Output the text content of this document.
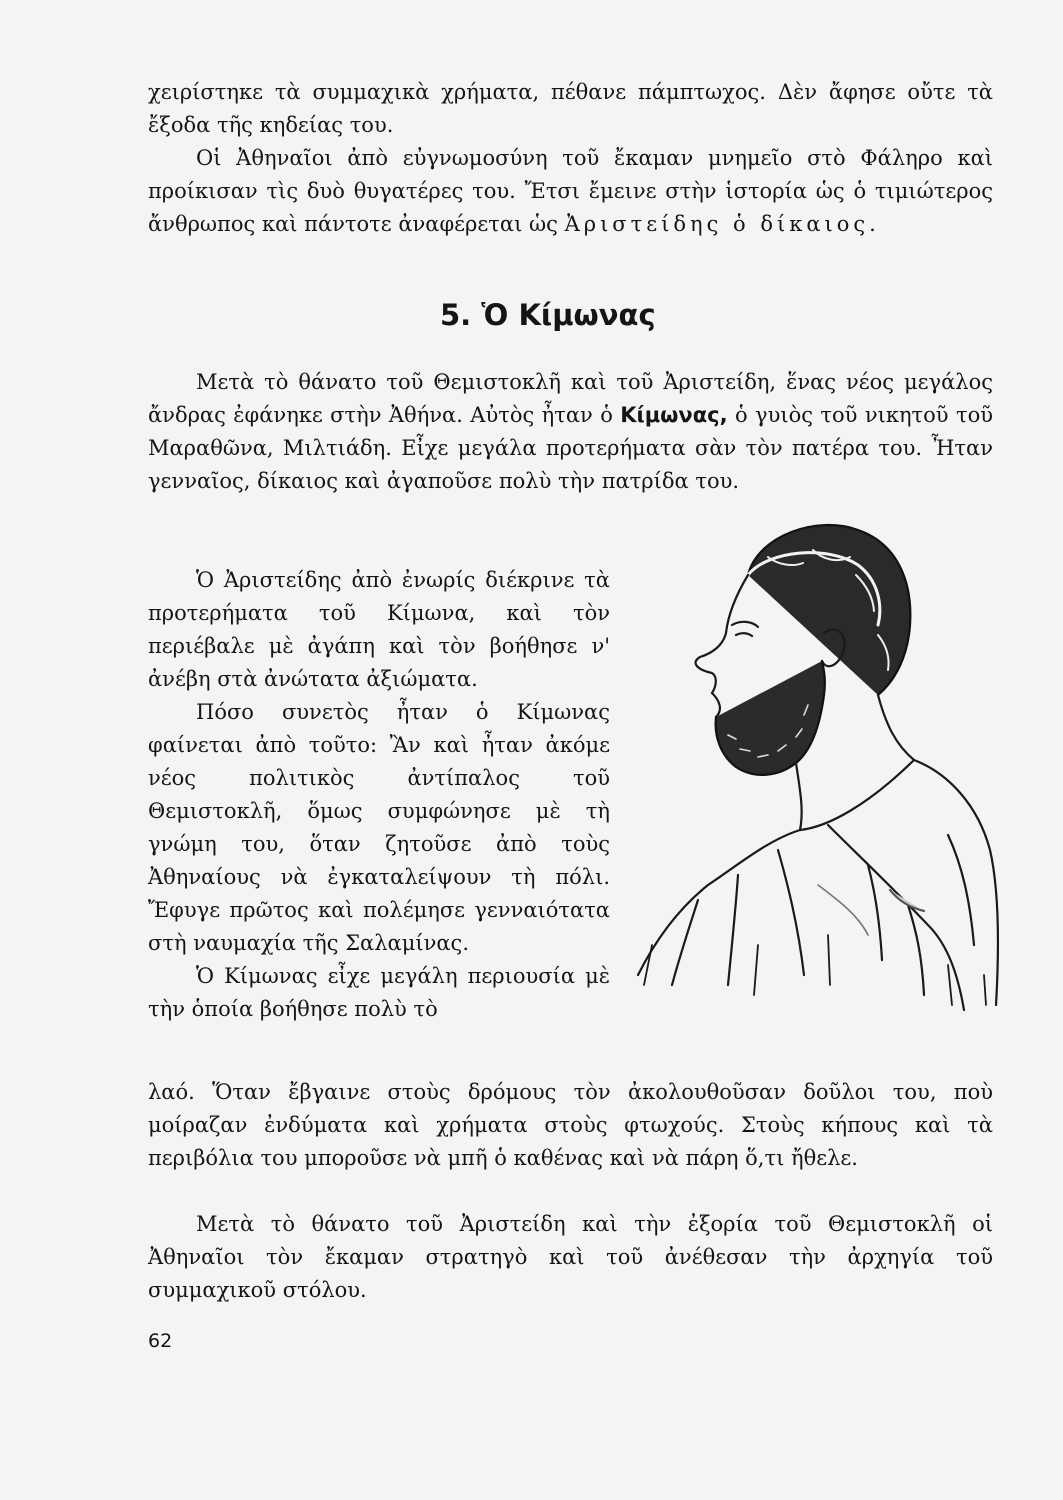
χειρίστηκε τὰ συμμαχικὰ χρήματα, πέθανε πάμπτωχος. Δὲν ἄφησε οὔτε τὰ ἔξοδα τῆς κηδείας του.

Οἱ Ἀθηναῖοι ἀπὸ εὐγνωμοσύνη τοῦ ἔκαμαν μνημεῖο στὸ Φάληρο καὶ προίκισαν τὶς δυὸ θυγατέρες του. Ἔτσι ἔμεινε στὴν ἱστορία ὡς ὁ τιμιώτερος ἄνθρωπος καὶ πάντοτε ἀναφέρεται ὡς Ἀριστείδης ὁ δίκαιος.

5. Ὁ Κίμωνας

Μετὰ τὸ θάνατο τοῦ Θεμιστοκλῆ καὶ τοῦ Ἀριστείδη, ἕνας νέος μεγάλος ἄνδρας ἐφάνηκε στὴν Ἀθήνα. Αὐτὸς ἦταν ὁ Κίμωνας, ὁ γυιὸς τοῦ νικητοῦ τοῦ Μαραθῶνα, Μιλτιάδη. Εἶχε μεγάλα προτερήματα σὰν τὸν πατέρα του. Ἦταν γενναῖος, δίκαιος καὶ ἀγαποῦσε πολὺ τὴν πατρίδα του.

Ὁ Ἀριστείδης ἀπὸ ἐνωρίς διέκρινε τὰ προτερήματα τοῦ Κίμωνα, καὶ τὸν περιέβαλε μὲ ἀγάπη καὶ τὸν βοήθησε ν' ἀνέβη στὰ ἀνώτατα ἀξιώματα.

Πόσο συνετὸς ἦταν ὁ Κίμωνας φαίνεται ἀπὸ τοῦτο: Ἂν καὶ ἦταν ἀκόμε νέος πολιτικὸς ἀντίπαλος τοῦ Θεμιστοκλῆ, ὅμως συμφώνησε μὲ τὴ γνώμη του, ὅταν ζητοῦσε ἀπὸ τοὺς Ἀθηναίους νὰ ἐγκαταλείψουν τὴ πόλι. Ἔφυγε πρῶτος καὶ πολέμησε γενναιότατα στὴ ναυμαχία τῆς Σαλαμίνας.

Ὁ Κίμωνας εἶχε μεγάλη περιουσία μὲ τὴν ὁποία βοήθησε πολὺ τὸ

λαό. Ὅταν ἔβγαινε στοὺς δρόμους τὸν ἀκολουθοῦσαν δοῦλοι του, ποὺ μοίραζαν ἐνδύματα καὶ χρήματα στοὺς φτωχούς. Στοὺς κήπους καὶ τὰ περιβόλια του μποροῦσε νὰ μπῆ ὁ καθένας καὶ νὰ πάρη ὅ,τι ἤθελε.

Μετὰ τὸ θάνατο τοῦ Ἀριστείδη καὶ τὴν ἐξορία τοῦ Θεμιστοκλῆ οἱ Ἀθηναῖοι τὸν ἔκαμαν στρατηγὸ καὶ τοῦ ἀνέθεσαν τὴν ἀρχηγία τοῦ συμμαχικοῦ στόλου.

62
